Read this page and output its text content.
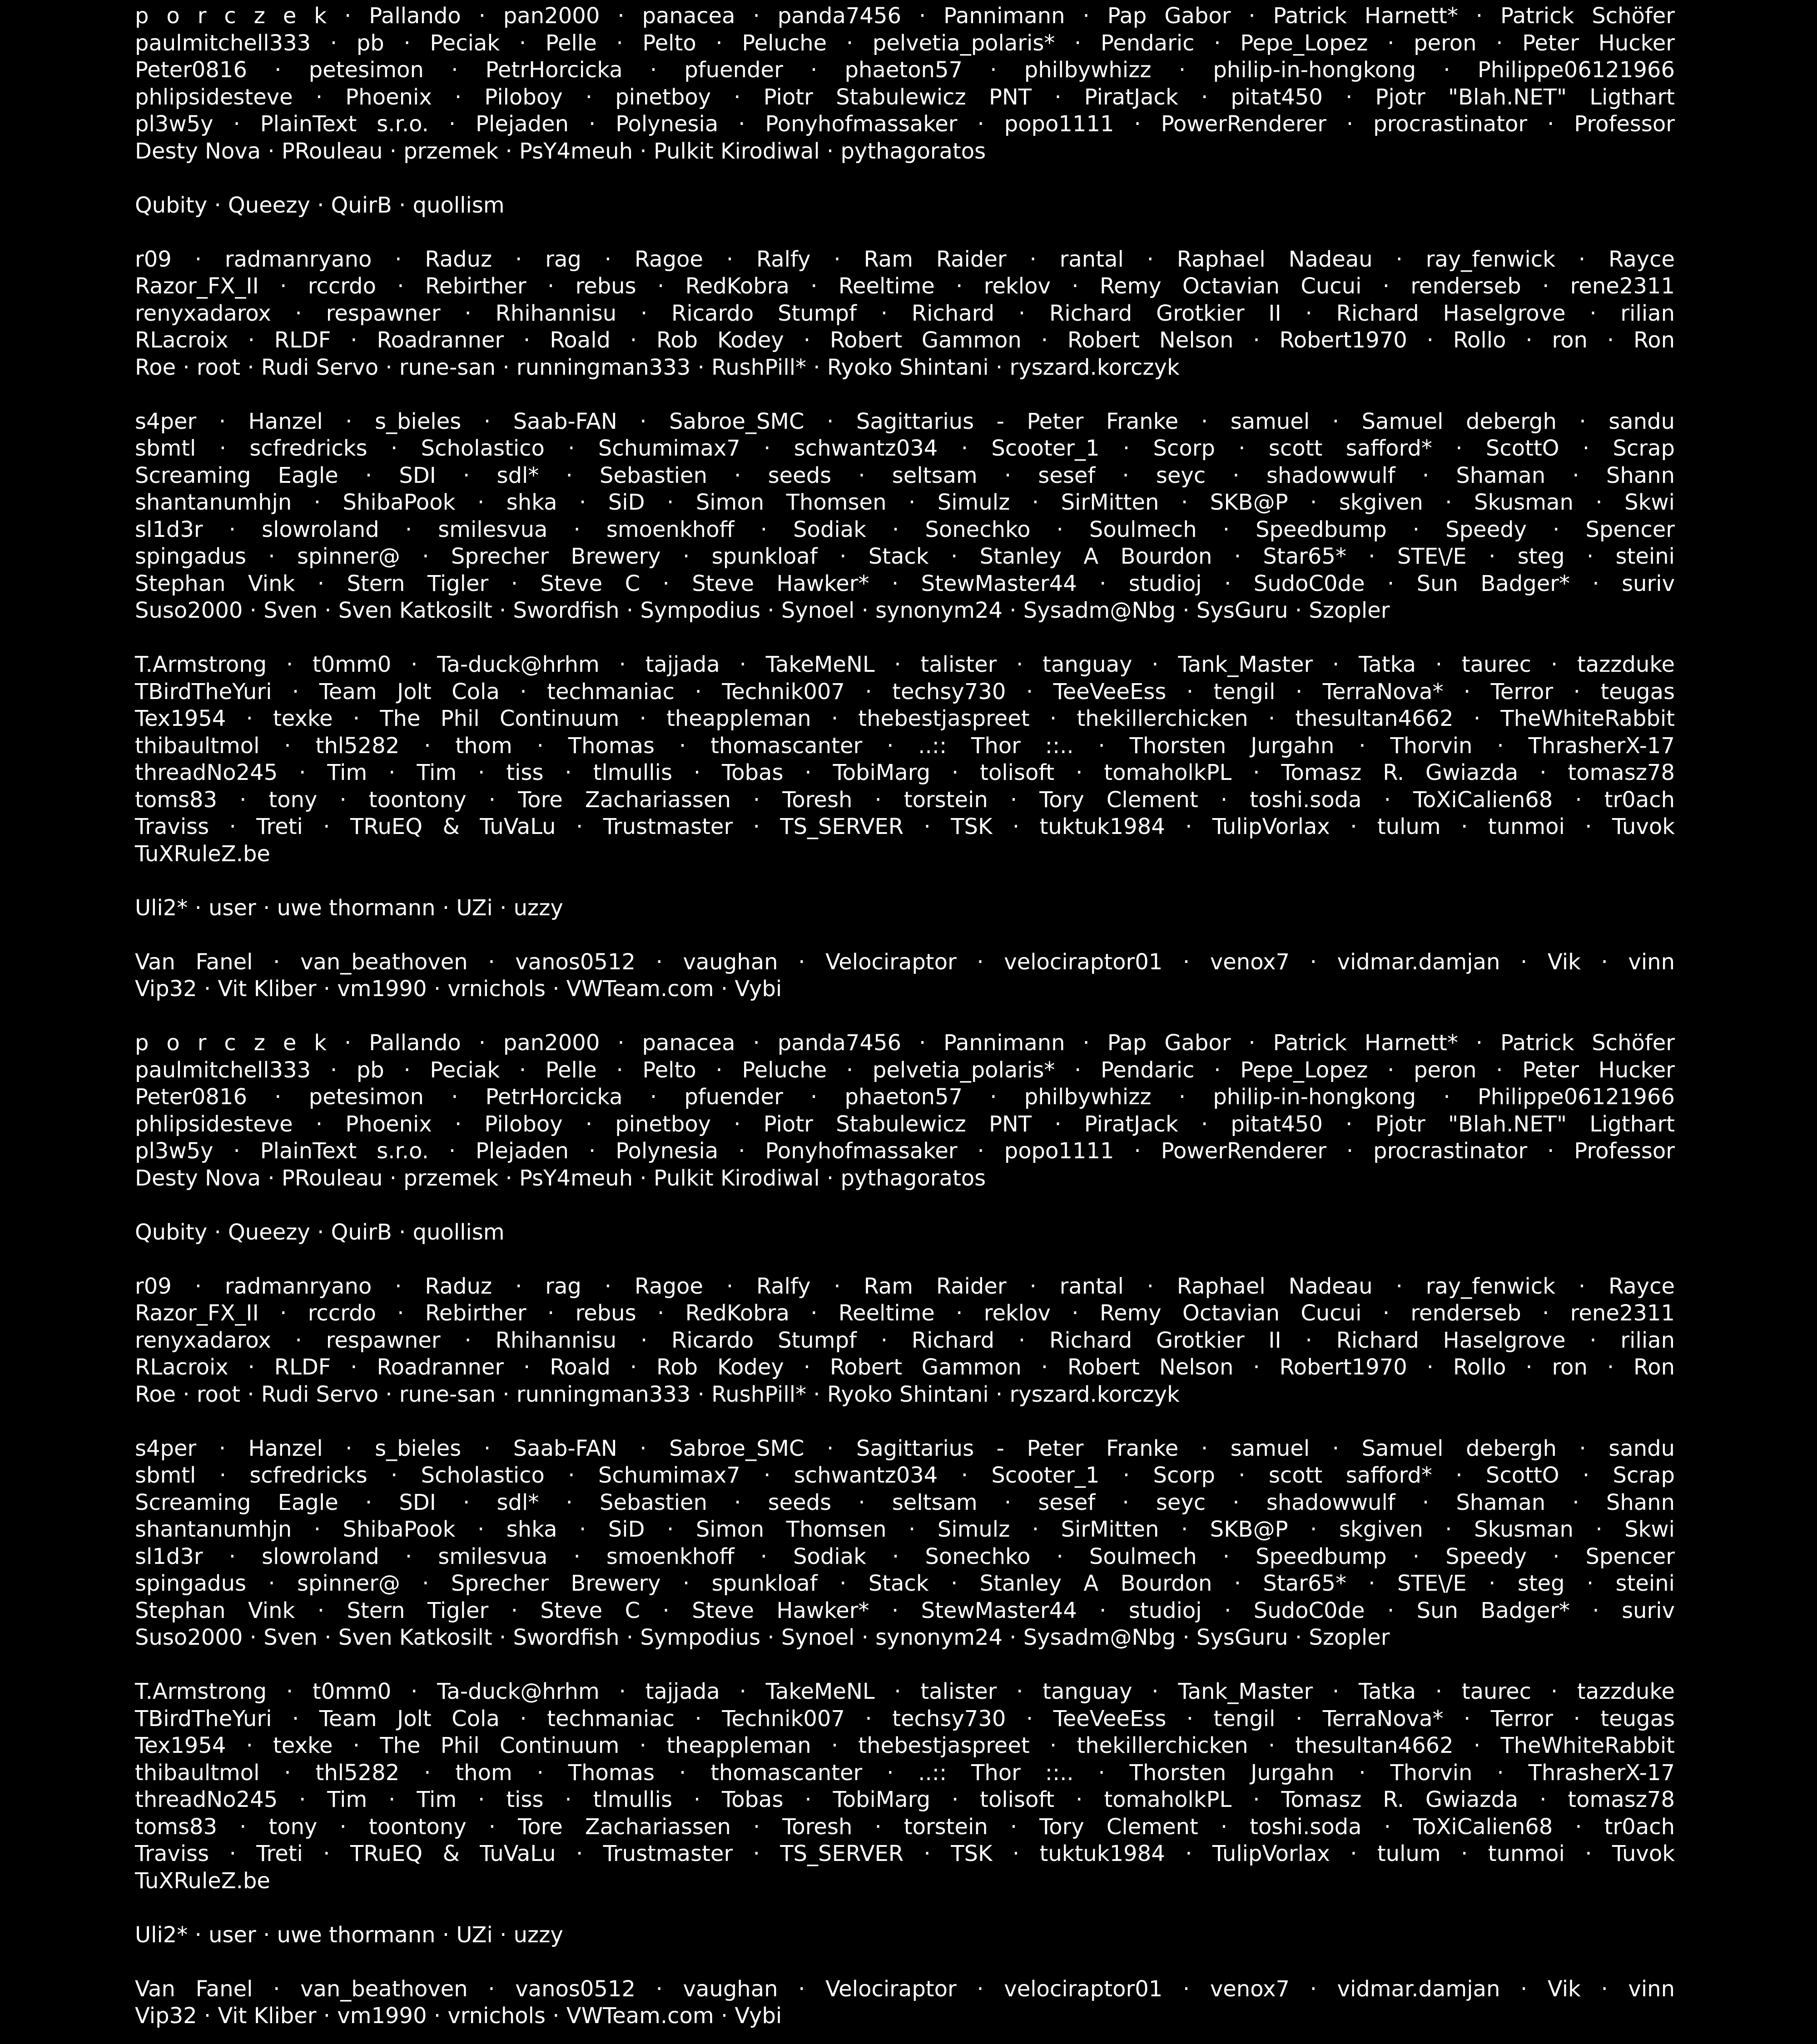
p o r c z e k · Pallando · pan2000 · panacea · panda7456 · Pannimann · Pap Gabor · Patrick Harnett* · Patrick Schöfer
paulmitchell333 · pb · Peciak · Pelle · Pelto · Peluche · pelvetia_polaris* · Pendaric · Pepe_Lopez · peron · Peter Hucker
Peter0816 · petesimon · PetrHorcicka · pfuender · phaeton57 · philbywhizz · philip-in-hongkong · Philippe06121966
phlipsidesteve · Phoenix · Piloboy · pinetboy · Piotr Stabulewicz PNT · PiratJack · pitat450 · Pjotr "Blah.NET" Ligthart
pl3w5y · PlainText s.r.o. · Plejaden · Polynesia · Ponyhofmassaker · popo1111 · PowerRenderer · procrastinator · Professor
Desty Nova · PRouleau · przemek · PsY4meuh · Pulkit Kirodiwal · pythagoratos
Qubity · Queezy · QuirB · quollism
r09 · radmanryano · Raduz · rag · Ragoe · Ralfy · Ram Raider · rantal · Raphael Nadeau · ray_fenwick · Rayce
Razor_FX_II · rccrdo · Rebirther · rebus · RedKobra · Reeltime · reklov · Remy Octavian Cucui · renderseb · rene2311
renyxadarox · respawner · Rhihannisu · Ricardo Stumpf · Richard · Richard Grotkier II · Richard Haselgrove · rilian
RLacroix · RLDF · Roadranner · Roald · Rob Kodey · Robert Gammon · Robert Nelson · Robert1970 · Rollo · ron · Ron
Roe · root · Rudi Servo · rune-san · runningman333 · RushPill* · Ryoko Shintani · ryszard.korczyk
s4per · Hanzel · s_bieles · Saab-FAN · Sabroe_SMC · Sagittarius - Peter Franke · samuel · Samuel debergh · sandu
sbmtl · scfredricks · Scholastico · Schumimax7 · schwantz034 · Scooter_1 · Scorp · scott safford* · ScottO · Scrap
Screaming Eagle · SDI · sdl* · Sebastien · seeds · seltsam · sesef · seyc · shadowwulf · Shaman · Shann
shantanumhjn · ShibaPook · shka · SiD · Simon Thomsen · Simulz · SirMitten · SKB@P · skgiven · Skusman · Skwi
sl1d3r · slowroland · smilesvua · smoenkhoff · Sodiak · Sonechko · Soulmech · Speedbump · Speedy · Spencer
spingadus · spinner@ · Sprecher Brewery · spunkloaf · Stack · Stanley A Bourdon · Star65* · STE\/E · steg · steini
Stephan Vink · Stern Tigler · Steve C · Steve Hawker* · StewMaster44 · studioj · SudoC0de · Sun Badger* · suriv
Suso2000 · Sven · Sven Katkosilt · Swordfish · Sympodius · Synoel · synonym24 · Sysadm@Nbg · SysGuru · Szopler
T.Armstrong · t0mm0 · Ta-duck@hrhm · tajjada · TakeMeNL · talister · tanguay · Tank_Master · Tatka · taurec · tazzduke
TBirdTheYuri · Team Jolt Cola · techmaniac · Technik007 · techsy730 · TeeVeeEss · tengil · TerraNova* · Terror · teugas
Tex1954 · texke · The Phil Continuum · theappleman · thebestjaspreet · thekillerchicken · thesultan4662 · TheWhiteRabbit
thibaultmol · thl5282 · thom · Thomas · thomascanter · ..:: Thor ::.. · Thorsten Jurgahn · Thorvin · ThrasherX-17
threadNo245 · Tim · Tim · tiss · tlmullis · Tobas · TobiMarg · tolisoft · tomaholkPL · Tomasz R. Gwiazda · tomasz78
toms83 · tony · toontony · Tore Zachariassen · Toresh · torstein · Tory Clement · toshi.soda · ToXiCalien68 · tr0ach
Traviss · Treti · TRuEQ & TuVaLu · Trustmaster · TS_SERVER · TSK · tuktuk1984 · TulipVorlax · tulum · tunmoi · Tuvok
TuXRuleZ.be
Uli2* · user · uwe thormann · UZi · uzzy
Van Fanel · van_beathoven · vanos0512 · vaughan · Velociraptor · velociraptor01 · venox7 · vidmar.damjan · Vik · vinn
Vip32 · Vit Kliber · vm1990 · vrnichols · VWTeam.com · Vybi
p o r c z e k · Pallando · pan2000 · panacea · panda7456 · Pannimann · Pap Gabor · Patrick Harnett* · Patrick Schöfer
paulmitchell333 · pb · Peciak · Pelle · Pelto · Peluche · pelvetia_polaris* · Pendaric · Pepe_Lopez · peron · Peter Hucker
Peter0816 · petesimon · PetrHorcicka · pfuender · phaeton57 · philbywhizz · philip-in-hongkong · Philippe06121966
phlipsidesteve · Phoenix · Piloboy · pinetboy · Piotr Stabulewicz PNT · PiratJack · pitat450 · Pjotr "Blah.NET" Ligthart
pl3w5y · PlainText s.r.o. · Plejaden · Polynesia · Ponyhofmassaker · popo1111 · PowerRenderer · procrastinator · Professor
Desty Nova · PRouleau · przemek · PsY4meuh · Pulkit Kirodiwal · pythagoratos
Qubity · Queezy · QuirB · quollism
r09 · radmanryano · Raduz · rag · Ragoe · Ralfy · Ram Raider · rantal · Raphael Nadeau · ray_fenwick · Rayce
Razor_FX_II · rccrdo · Rebirther · rebus · RedKobra · Reeltime · reklov · Remy Octavian Cucui · renderseb · rene2311
renyxadarox · respawner · Rhihannisu · Ricardo Stumpf · Richard · Richard Grotkier II · Richard Haselgrove · rilian
RLacroix · RLDF · Roadranner · Roald · Rob Kodey · Robert Gammon · Robert Nelson · Robert1970 · Rollo · ron · Ron
Roe · root · Rudi Servo · rune-san · runningman333 · RushPill* · Ryoko Shintani · ryszard.korczyk
s4per · Hanzel · s_bieles · Saab-FAN · Sabroe_SMC · Sagittarius - Peter Franke · samuel · Samuel debergh · sandu
sbmtl · scfredricks · Scholastico · Schumimax7 · schwantz034 · Scooter_1 · Scorp · scott safford* · ScottO · Scrap
Screaming Eagle · SDI · sdl* · Sebastien · seeds · seltsam · sesef · seyc · shadowwulf · Shaman · Shann
shantanumhjn · ShibaPook · shka · SiD · Simon Thomsen · Simulz · SirMitten · SKB@P · skgiven · Skusman · Skwi
sl1d3r · slowroland · smilesvua · smoenkhoff · Sodiak · Sonechko · Soulmech · Speedbump · Speedy · Spencer
spingadus · spinner@ · Sprecher Brewery · spunkloaf · Stack · Stanley A Bourdon · Star65* · STE\/E · steg · steini
Stephan Vink · Stern Tigler · Steve C · Steve Hawker* · StewMaster44 · studioj · SudoC0de · Sun Badger* · suriv
Suso2000 · Sven · Sven Katkosilt · Swordfish · Sympodius · Synoel · synonym24 · Sysadm@Nbg · SysGuru · Szopler
T.Armstrong · t0mm0 · Ta-duck@hrhm · tajjada · TakeMeNL · talister · tanguay · Tank_Master · Tatka · taurec · tazzduke
TBirdTheYuri · Team Jolt Cola · techmaniac · Technik007 · techsy730 · TeeVeeEss · tengil · TerraNova* · Terror · teugas
Tex1954 · texke · The Phil Continuum · theappleman · thebestjaspreet · thekillerchicken · thesultan4662 · TheWhiteRabbit
thibaultmol · thl5282 · thom · Thomas · thomascanter · ..:: Thor ::.. · Thorsten Jurgahn · Thorvin · ThrasherX-17
threadNo245 · Tim · Tim · tiss · tlmullis · Tobas · TobiMarg · tolisoft · tomaholkPL · Tomasz R. Gwiazda · tomasz78
toms83 · tony · toontony · Tore Zachariassen · Toresh · torstein · Tory Clement · toshi.soda · ToXiCalien68 · tr0ach
Traviss · Treti · TRuEQ & TuVaLu · Trustmaster · TS_SERVER · TSK · tuktuk1984 · TulipVorlax · tulum · tunmoi · Tuvok
TuXRuleZ.be
Uli2* · user · uwe thormann · UZi · uzzy
Van Fanel · van_beathoven · vanos0512 · vaughan · Velociraptor · velociraptor01 · venox7 · vidmar.damjan · Vik · vinn
Vip32 · Vit Kliber · vm1990 · vrnichols · VWTeam.com · Vybi
